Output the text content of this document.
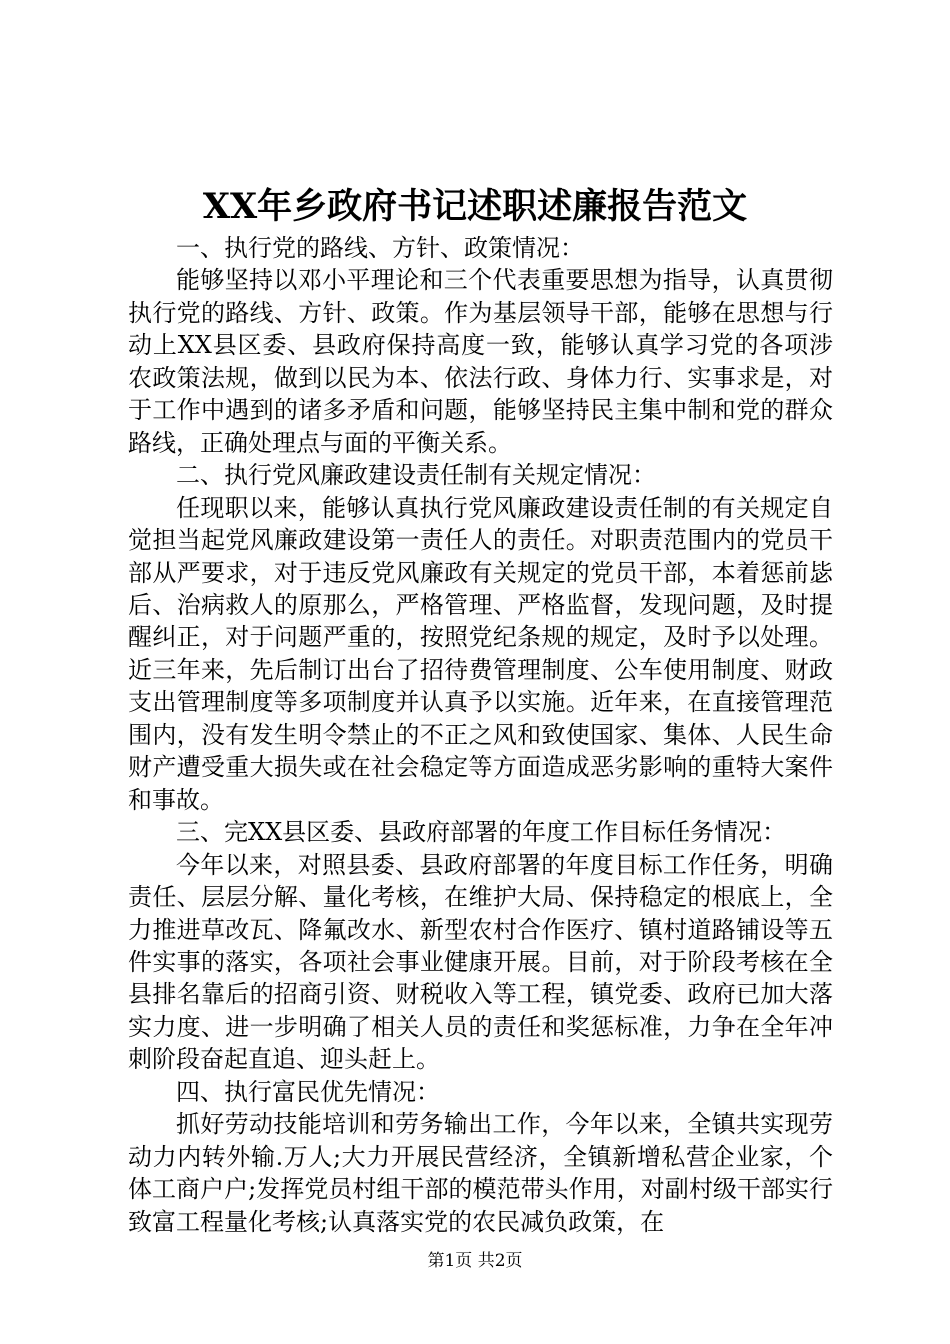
XX年乡政府书记述职述廉报告范文

一、执行党的路线、方针、政策情况：

能够坚持以邓小平理论和三个代表重要思想为指导，认真贯彻执行党的路线、方针、政策。作为基层领导干部，能够在思想与行动上XX县区委、县政府保持高度一致，能够认真学习党的各项涉农政策法规，做到以民为本、依法行政、身体力行、实事求是，对于工作中遇到的诸多矛盾和问题，能够坚持民主集中制和党的群众路线，正确处理点与面的平衡关系。

二、执行党风廉政建设责任制有关规定情况：

任现职以来，能够认真执行党风廉政建设责任制的有关规定自觉担当起党风廉政建设第一责任人的责任。对职责范围内的党员干部从严要求，对于违反党风廉政有关规定的党员干部，本着惩前毖后、治病救人的原那么，严格管理、严格监督，发现问题，及时提醒纠正，对于问题严重的，按照党纪条规的规定，及时予以处理。近三年来，先后制订出台了招待费管理制度、公车使用制度、财政支出管理制度等多项制度并认真予以实施。近年来，在直接管理范围内，没有发生明令禁止的不正之风和致使国家、集体、人民生命财产遭受重大损失或在社会稳定等方面造成恶劣影响的重特大案件和事故。

三、完XX县区委、县政府部署的年度工作目标任务情况：

今年以来，对照县委、县政府部署的年度目标工作任务，明确责任、层层分解、量化考核，在维护大局、保持稳定的根底上，全力推进草改瓦、降氟改水、新型农村合作医疗、镇村道路铺设等五件实事的落实，各项社会事业健康开展。目前，对于阶段考核在全县排名靠后的招商引资、财税收入等工程，镇党委、政府已加大落实力度、进一步明确了相关人员的责任和奖惩标准，力争在全年冲刺阶段奋起直追、迎头赶上。

四、执行富民优先情况：

抓好劳动技能培训和劳务输出工作，今年以来，全镇共实现劳动力内转外输.万人;大力开展民营经济，全镇新增私营企业家，个体工商户户;发挥党员村组干部的模范带头作用，对副村级干部实行致富工程量化考核;认真落实党的农民减负政策，在

第1页 共2页
